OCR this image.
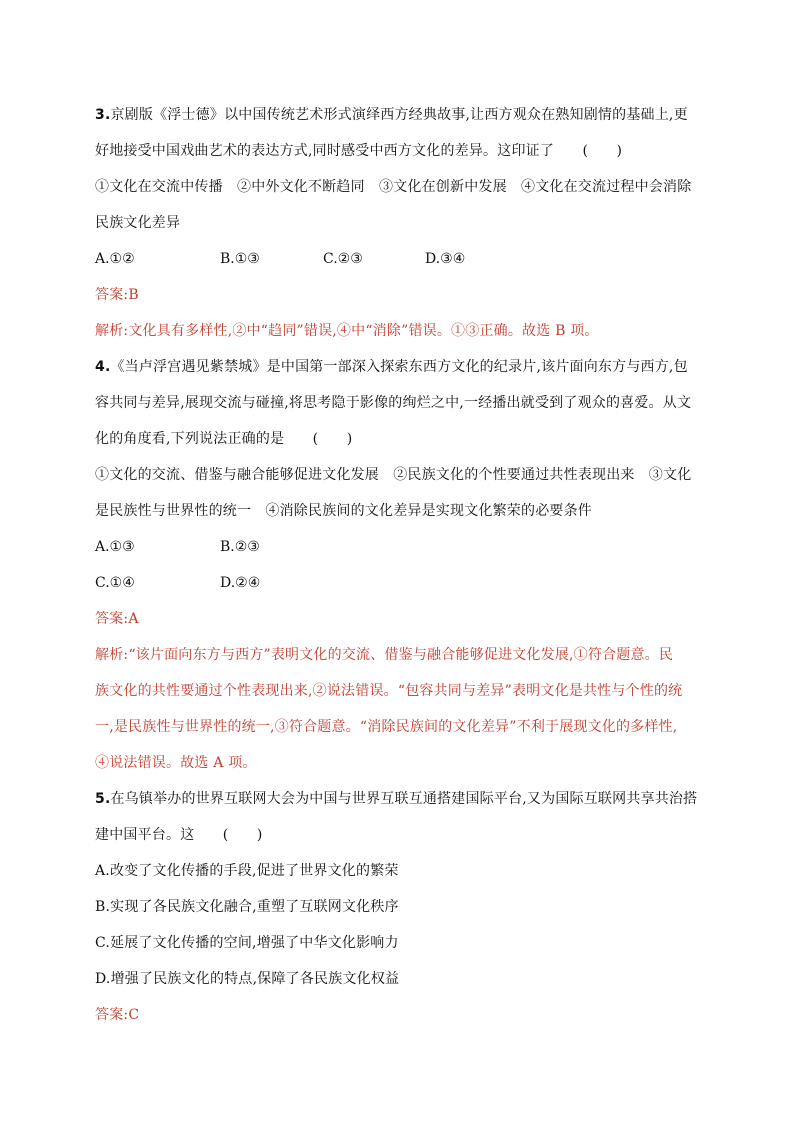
3.京剧版《浮士德》以中国传统艺术形式演绎西方经典故事,让西方观众在熟知剧情的基础上,更
好地接受中国戏曲艺术的表达方式,同时感受中西方文化的差异。这印证了　　(　　)
①文化在交流中传播　②中外文化不断趋同　③文化在创新中发展　④文化在交流过程中会消除
民族文化差异
A.①②	B.①③	C.②③	D.③④
答案:B
解析:文化具有多样性,②中“趋同”错误,④中“消除”错误。①③正确。故选 B 项。
4.《当卢浮宫遇见紫禁城》是中国第一部深入探索东西方文化的纪录片,该片面向东方与西方,包
容共同与差异,展现交流与碰撞,将思考隐于影像的绚烂之中,一经播出就受到了观众的喜爱。从文
化的角度看,下列说法正确的是　　(　　)
①文化的交流、借鉴与融合能够促进文化发展　②民族文化的个性要通过共性表现出来　③文化
是民族性与世界性的统一　④消除民族间的文化差异是实现文化繁荣的必要条件
A.①③	B.②③
C.①④	D.②④
答案:A
解析:“该片面向东方与西方”表明文化的交流、借鉴与融合能够促进文化发展,①符合题意。民
族文化的共性要通过个性表现出来,②说法错误。“包容共同与差异”表明文化是共性与个性的统
一,是民族性与世界性的统一,③符合题意。“消除民族间的文化差异”不利于展现文化的多样性,
④说法错误。故选 A 项。
5.在乌镇举办的世界互联网大会为中国与世界互联互通搭建国际平台,又为国际互联网共享共治搭
建中国平台。这　　(　　)
A.改变了文化传播的手段,促进了世界文化的繁荣
B.实现了各民族文化融合,重塑了互联网文化秩序
C.延展了文化传播的空间,增强了中华文化影响力
D.增强了民族文化的特点,保障了各民族文化权益
答案:C
